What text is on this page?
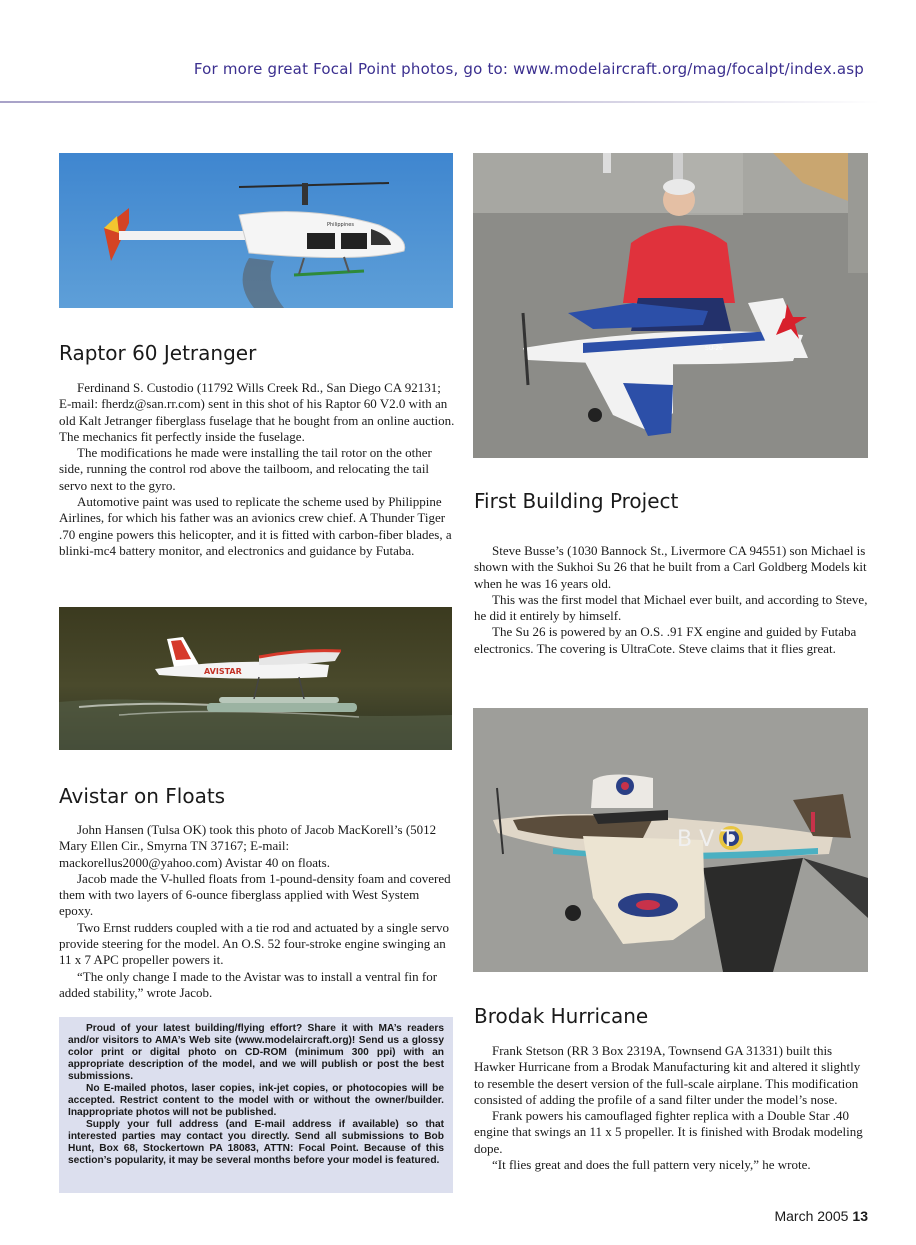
For more great Focal Point photos, go to: www.modelaircraft.org/mag/focalpt/index.asp
Philippines
Raptor 60 Jetranger

Ferdinand S. Custodio (11792 Wills Creek Rd., San Diego CA 92131; E-mail: fherdz@san.rr.com) sent in this shot of his Raptor 60 V2.0 with an old Kalt Jetranger fiberglass fuselage that he bought from an online auction. The mechanics fit perfectly inside the fuselage.

The modifications he made were installing the tail rotor on the other side, running the control rod above the tailboom, and relocating the tail servo next to the gyro.

Automotive paint was used to replicate the scheme used by Philippine Airlines, for which his father was an avionics crew chief. A Thunder Tiger .70 engine powers this helicopter, and it is fitted with carbon-fiber blades, a blinki-mc4 battery monitor, and electronics and guidance by Futaba.

SU-26
First Building Project

Steve Busse’s (1030 Bannock St., Livermore CA 94551) son Michael is shown with the Sukhoi Su 26 that he built from a Carl Goldberg Models kit when he was 16 years old.

This was the first model that Michael ever built, and according to Steve, he did it entirely by himself.

The Su 26 is powered by an O.S. .91 FX engine and guided by Futaba electronics. The covering is UltraCote. Steve claims that it flies great.

AVISTAR
Avistar on Floats

John Hansen (Tulsa OK) took this photo of Jacob MacKorell’s (5012 Mary Ellen Cir., Smyrna TN 37167; E-mail: mackorellus2000@yahoo.com) Avistar 40 on floats.

Jacob made the V-hulled floats from 1-pound-density foam and covered them with two layers of 6-ounce fiberglass applied with West System epoxy.

Two Ernst rudders coupled with a tie rod and actuated by a single servo provide steering for the model. An O.S. 52 four-stroke engine swinging an 11 x 7 APC propeller powers it.

“The only change I made to the Avistar was to install a ventral fin for added stability,” wrote Jacob.

B V T
Brodak Hurricane

Frank Stetson (RR 3 Box 2319A, Townsend GA 31331) built this Hawker Hurricane from a Brodak Manufacturing kit and altered it slightly to resemble the desert version of the full-scale airplane. This modification consisted of adding the profile of a sand filter under the model’s nose.

Frank powers his camouflaged fighter replica with a Double Star .40 engine that swings an 11 x 5 propeller. It is finished with Brodak modeling dope.

“It flies great and does the full pattern very nicely,” he wrote.

Proud of your latest building/flying effort? Share it with MA’s readers and/or visitors to AMA’s Web site (www.modelaircraft.org)! Send us a glossy color print or digital photo on CD-ROM (minimum 300 ppi) with an appropriate description of the model, and we will publish or post the best submissions.

No E-mailed photos, laser copies, ink-jet copies, or photocopies will be accepted. Restrict content to the model with or without the owner/builder. Inappropriate photos will not be published.

Supply your full address (and E-mail address if available) so that interested parties may contact you directly. Send all submissions to Bob Hunt, Box 68, Stockertown PA 18083, ATTN: Focal Point. Because of this section’s popularity, it may be several months before your model is featured.

March 2005 13
